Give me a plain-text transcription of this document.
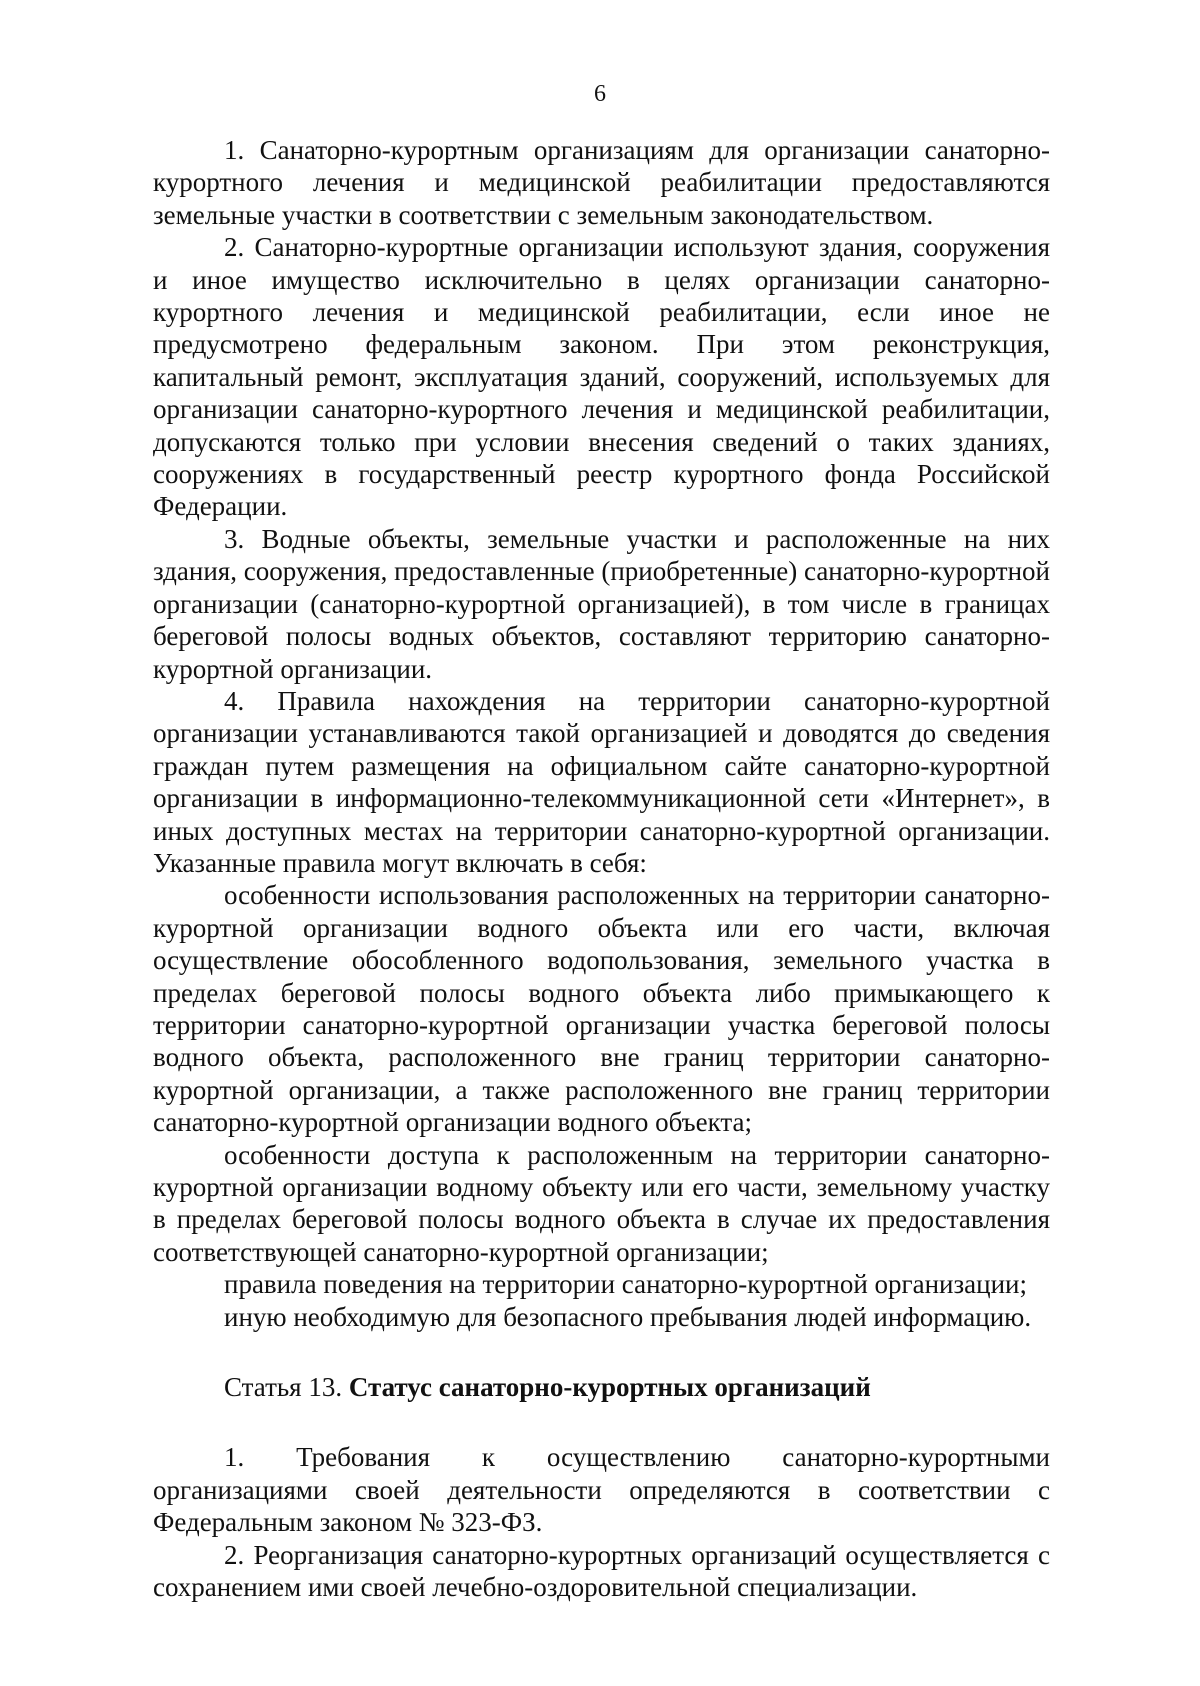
6

1. Санаторно-курортным организациям для организации санаторно-курортного лечения и медицинской реабилитации предоставляются земельные участки в соответствии с земельным законодательством.

2. Санаторно-курортные организации используют здания, сооружения и иное имущество исключительно в целях организации санаторно-курортного лечения и медицинской реабилитации, если иное не предусмотрено федеральным законом. При этом реконструкция, капитальный ремонт, эксплуатация зданий, сооружений, используемых для организации санаторно-курортного лечения и медицинской реабилитации, допускаются только при условии внесения сведений о таких зданиях, сооружениях в государственный реестр курортного фонда Российской Федерации.

3. Водные объекты, земельные участки и расположенные на них здания, сооружения, предоставленные (приобретенные) санаторно-курортной организации (санаторно-курортной организацией), в том числе в границах береговой полосы водных объектов, составляют территорию санаторно-курортной организации.

4. Правила нахождения на территории санаторно-курортной организации устанавливаются такой организацией и доводятся до сведения граждан путем размещения на официальном сайте санаторно-курортной организации в информационно-телекоммуникационной сети «Интернет», в иных доступных местах на территории санаторно-курортной организации. Указанные правила могут включать в себя:

особенности использования расположенных на территории санаторно-курортной организации водного объекта или его части, включая осуществление обособленного водопользования, земельного участка в пределах береговой полосы водного объекта либо примыкающего к территории санаторно-курортной организации участка береговой полосы водного объекта, расположенного вне границ территории санаторно-курортной организации, а также расположенного вне границ территории санаторно-курортной организации водного объекта;

особенности доступа к расположенным на территории санаторно-курортной организации водному объекту или его части, земельному участку в пределах береговой полосы водного объекта в случае их предоставления соответствующей санаторно-курортной организации;

правила поведения на территории санаторно-курортной организации;

иную необходимую для безопасного пребывания людей информацию.

Статья 13. Статус санаторно-курортных организаций

1. Требования к осуществлению санаторно-курортными организациями своей деятельности определяются в соответствии с Федеральным законом № 323-ФЗ.

2. Реорганизация санаторно-курортных организаций осуществляется с сохранением ими своей лечебно-оздоровительной специализации.
